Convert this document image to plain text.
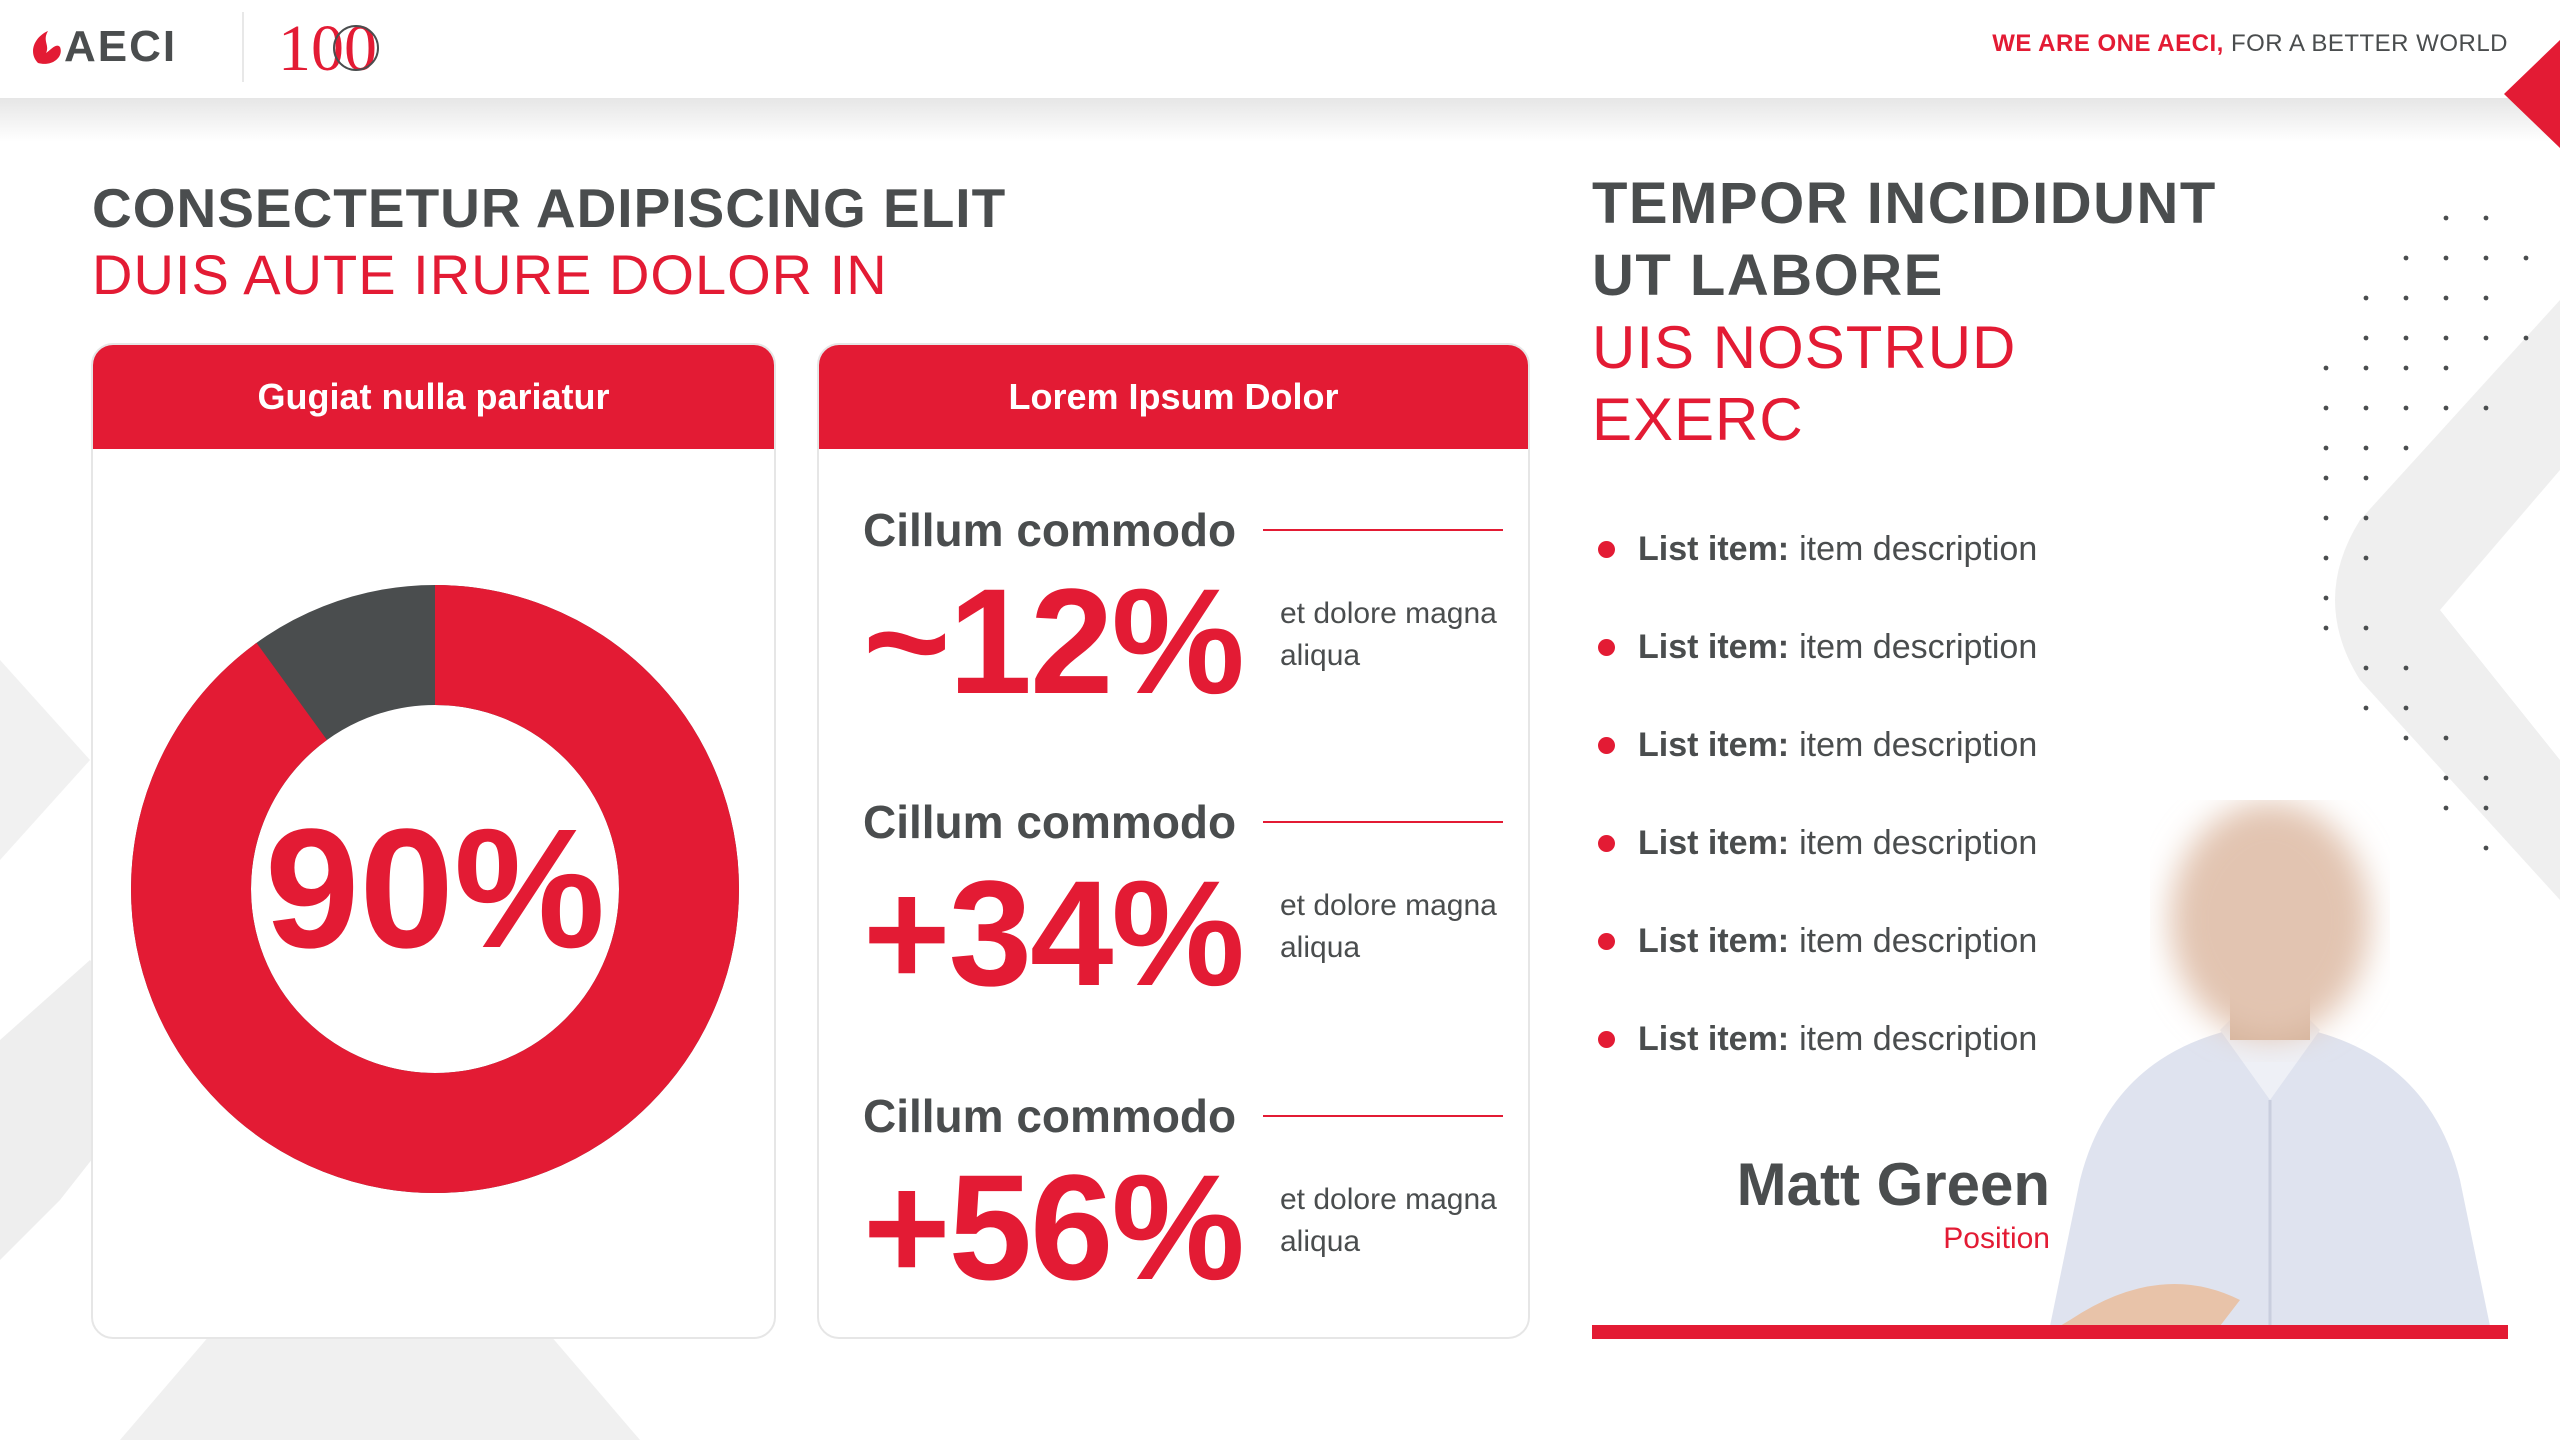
AECI 100	WE ARE ONE AECI, FOR A BETTER WORLD
CONSECTETUR ADIPISCING ELIT
DUIS AUTE IRURE DOLOR IN
Gugiat nulla pariatur
90%
Lorem Ipsum Dolor
Cillum commodo
~12% et dolore magna aliqua
Cillum commodo
+34% et dolore magna aliqua
Cillum commodo
+56% et dolore magna aliqua
TEMPOR INCIDIDUNT
UT LABORE
UIS NOSTRUD
EXERC
List item: item description
List item: item description
List item: item description
List item: item description
List item: item description
List item: item description
Matt Green
Position
